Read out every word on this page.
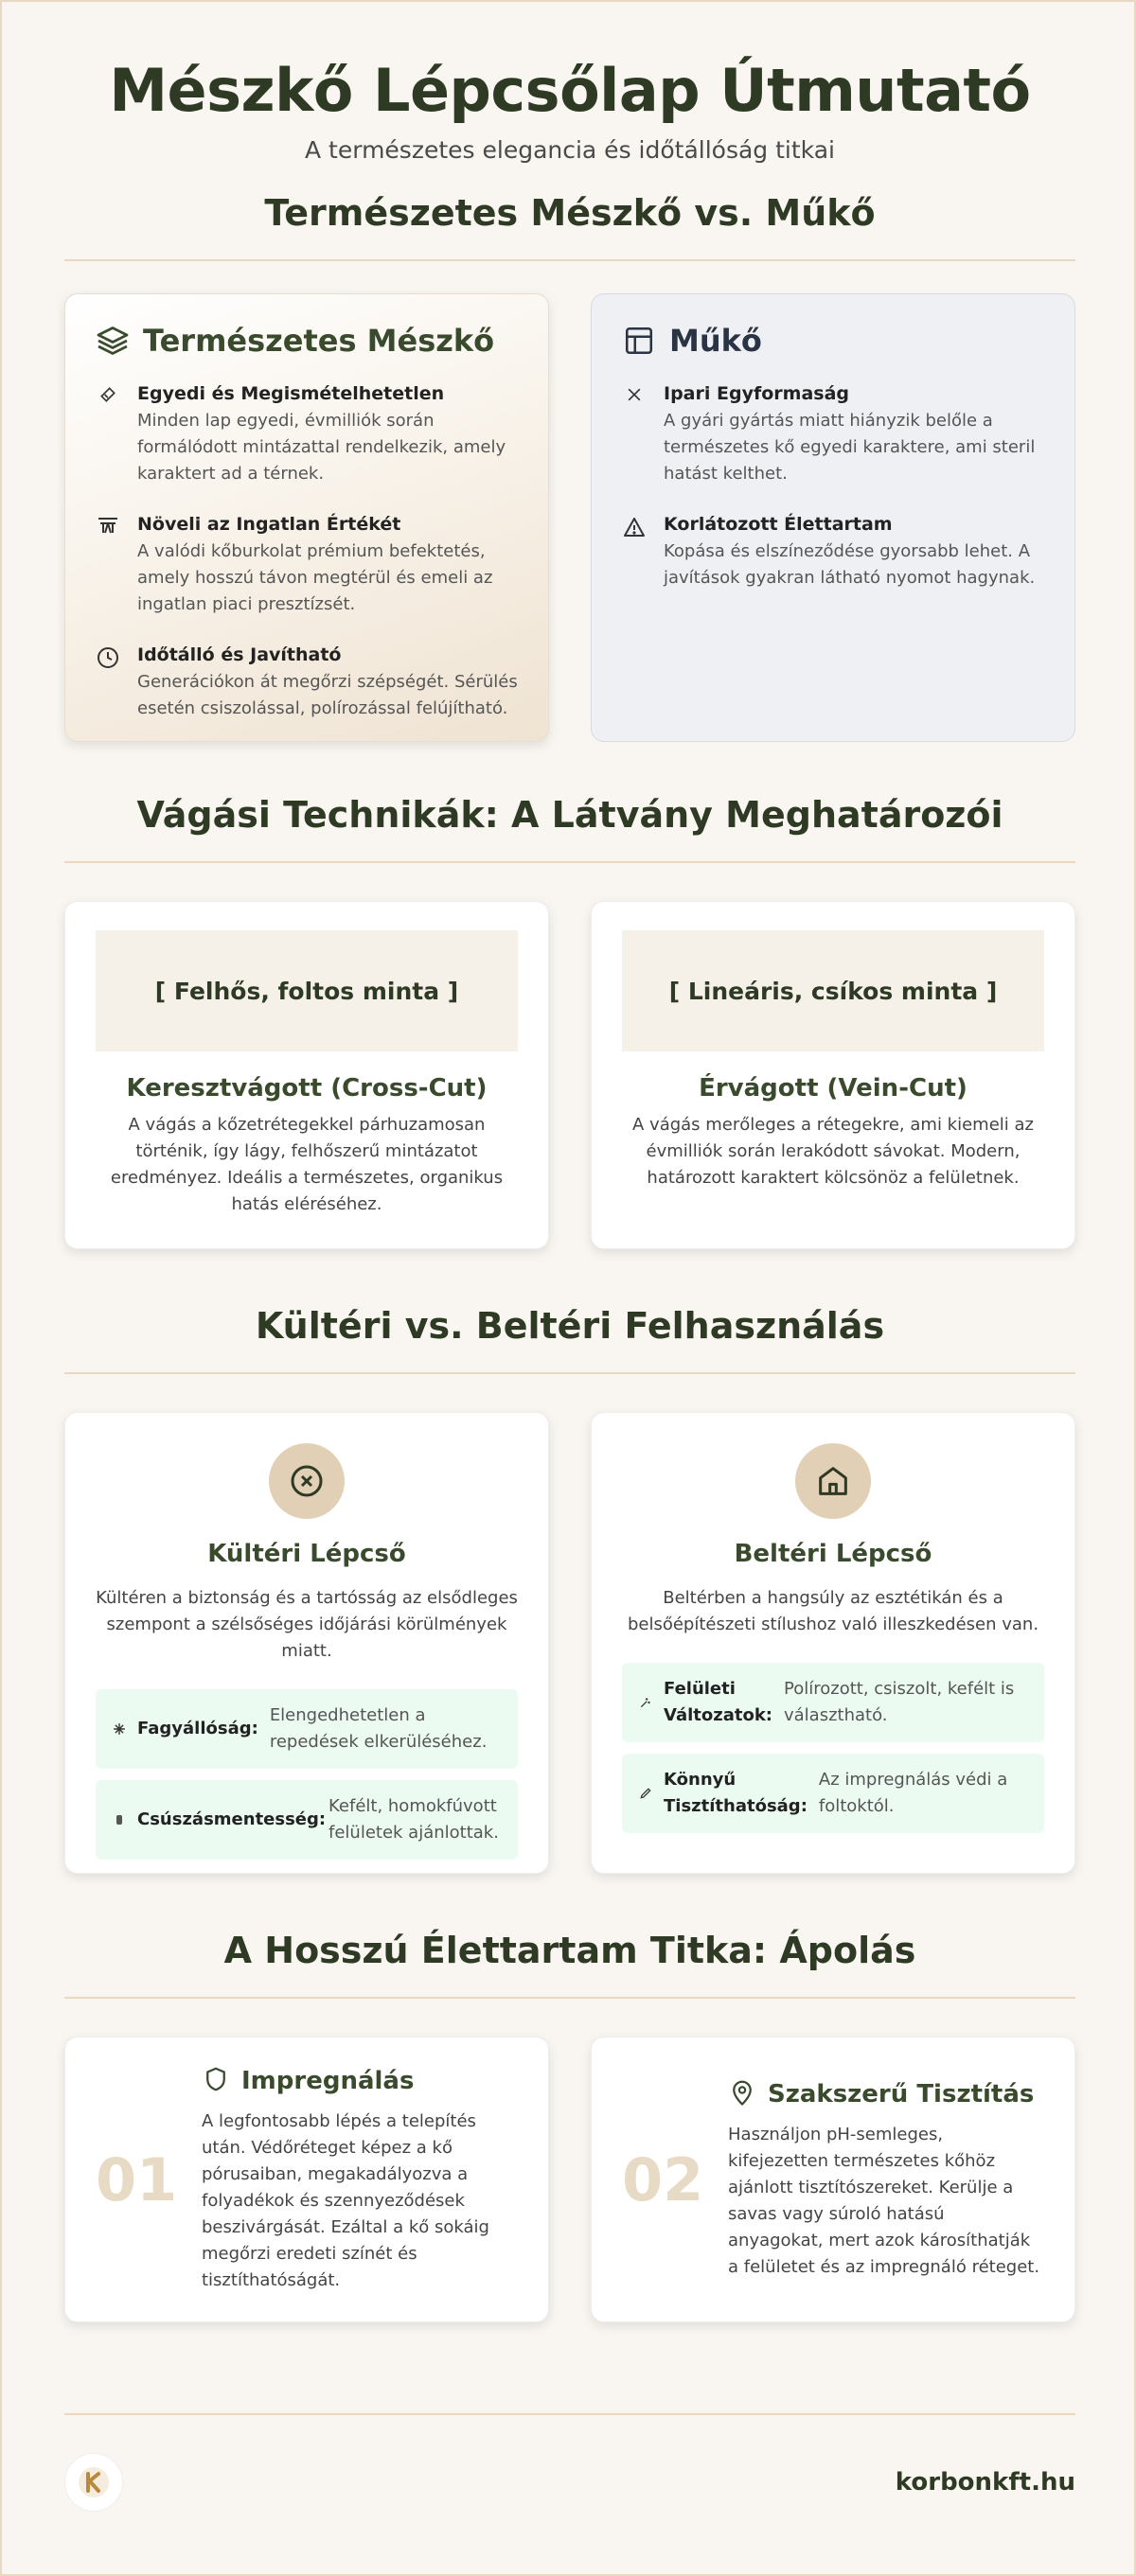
Mészkő Lépcsőlap Útmutató

A természetes elegancia és időtállóság titkai

Természetes Mészkő vs. Műkő
Természetes Mészkő
Egyedi és Megismételhetetlen

Minden lap egyedi, évmilliók során formálódott mintázattal rendelkezik, amely karaktert ad a térnek.

Növeli az Ingatlan Értékét

A valódi kőburkolat prémium befektetés, amely hosszú távon megtérül és emeli az ingatlan piaci presztízsét.

Időtálló és Javítható

Generációkon át megőrzi szépségét. Sérülés esetén csiszolással, polírozással felújítható.

Műkő
Ipari Egyformaság

A gyári gyártás miatt hiányzik belőle a természetes kő egyedi karaktere, ami steril hatást kelthet.

Korlátozott Élettartam

Kopása és elszíneződése gyorsabb lehet. A javítások gyakran látható nyomot hagynak.

Vágási Technikák: A Látvány Meghatározói
[ Felhős, foltos minta ]
Keresztvágott (Cross-Cut)

A vágás a kőzetrétegekkel párhuzamosan történik, így lágy, felhőszerű mintázatot eredményez. Ideális a természetes, organikus hatás eléréséhez.

[ Lineáris, csíkos minta ]
Érvágott (Vein-Cut)

A vágás merőleges a rétegekre, ami kiemeli az évmilliók során lerakódott sávokat. Modern, határozott karaktert kölcsönöz a felületnek.

Kültéri vs. Beltéri Felhasználás
Kültéri Lépcső

Kültéren a biztonság és a tartósság az elsődleges szempont a szélsőséges időjárási körülmények miatt.

Fagyállóság:
Elengedhetetlen a repedések elkerüléséhez.
Csúszásmentesség:
Kefélt, homokfúvott felületek ajánlottak.
Beltéri Lépcső

Beltérben a hangsúly az esztétikán és a belsőépítészeti stílushoz való illeszkedésen van.

Felületi Változatok:
Polírozott, csiszolt, kefélt is választható.
Könnyű Tisztíthatóság:
Az impregnálás védi a foltoktól.
A Hosszú Élettartam Titka: Ápolás
01
Impregnálás

A legfontosabb lépés a telepítés után. Védőréteget képez a kő pórusaiban, megakadályozva a folyadékok és szennyeződések beszivárgását. Ezáltal a kő sokáig megőrzi eredeti színét és tisztíthatóságát.

02
Szakszerű Tisztítás

Használjon pH-semleges, kifejezetten természetes kőhöz ajánlott tisztítószereket. Kerülje a savas vagy súroló hatású anyagokat, mert azok károsíthatják a felületet és az impregnáló réteget.

korbonkft.hu
